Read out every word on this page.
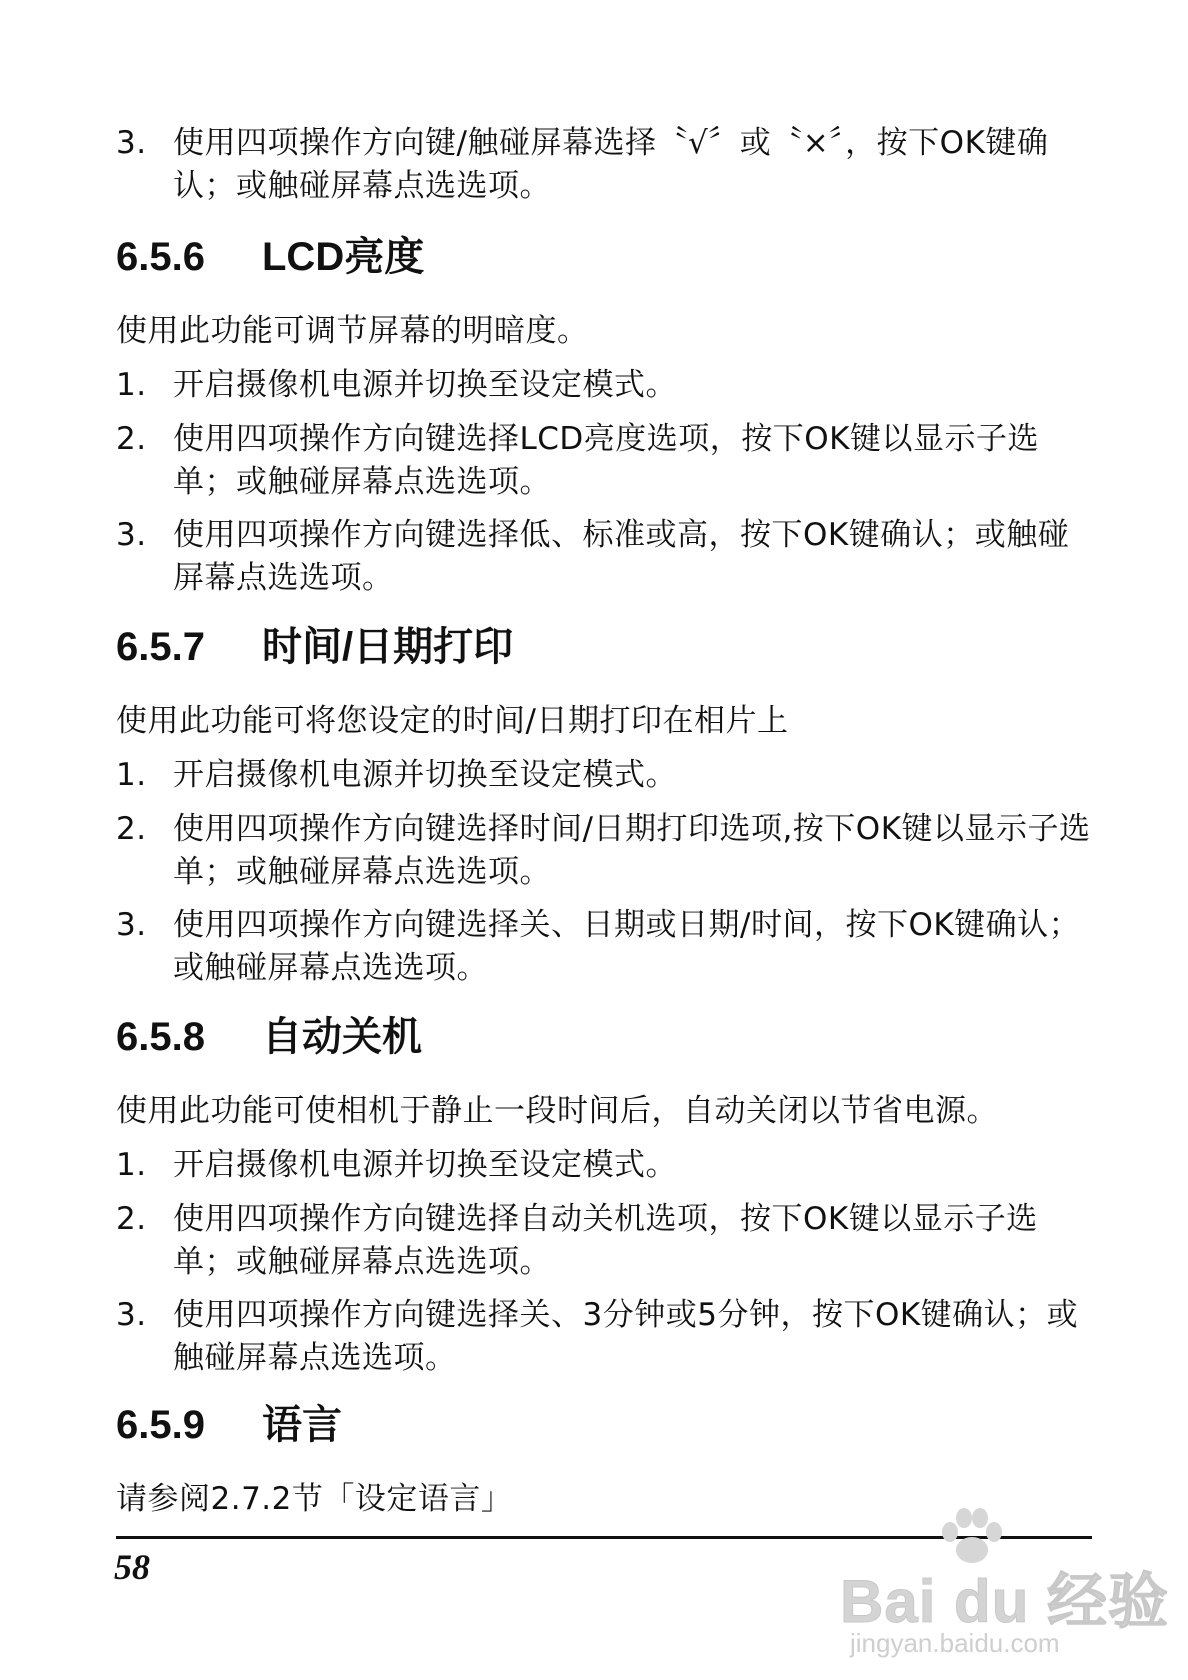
3. 使用四项操作方向键/触碰屏幕选择〝√〞或〝×〞，按下OK键确认；或触碰屏幕点选选项。
6.5.6 LCD亮度
使用此功能可调节屏幕的明暗度。
1. 开启摄像机电源并切换至设定模式。
2. 使用四项操作方向键选择LCD亮度选项，按下OK键以显示子选单；或触碰屏幕点选选项。
3. 使用四项操作方向键选择低、标准或高，按下OK键确认；或触碰屏幕点选选项。
6.5.7 时间/日期打印
使用此功能可将您设定的时间/日期打印在相片上
1. 开启摄像机电源并切换至设定模式。
2. 使用四项操作方向键选择时间/日期打印选项,按下OK键以显示子选单；或触碰屏幕点选选项。
3. 使用四项操作方向键选择关、日期或日期/时间，按下OK键确认；或触碰屏幕点选选项。
6.5.8 自动关机
使用此功能可使相机于静止一段时间后，自动关闭以节省电源。
1. 开启摄像机电源并切换至设定模式。
2. 使用四项操作方向键选择自动关机选项，按下OK键以显示子选单；或触碰屏幕点选选项。
3. 使用四项操作方向键选择关、3分钟或5分钟，按下OK键确认；或触碰屏幕点选选项。
6.5.9 语言
请参阅2.7.2节「设定语言」
58
Bai du 经验
jingyan.baidu.com
